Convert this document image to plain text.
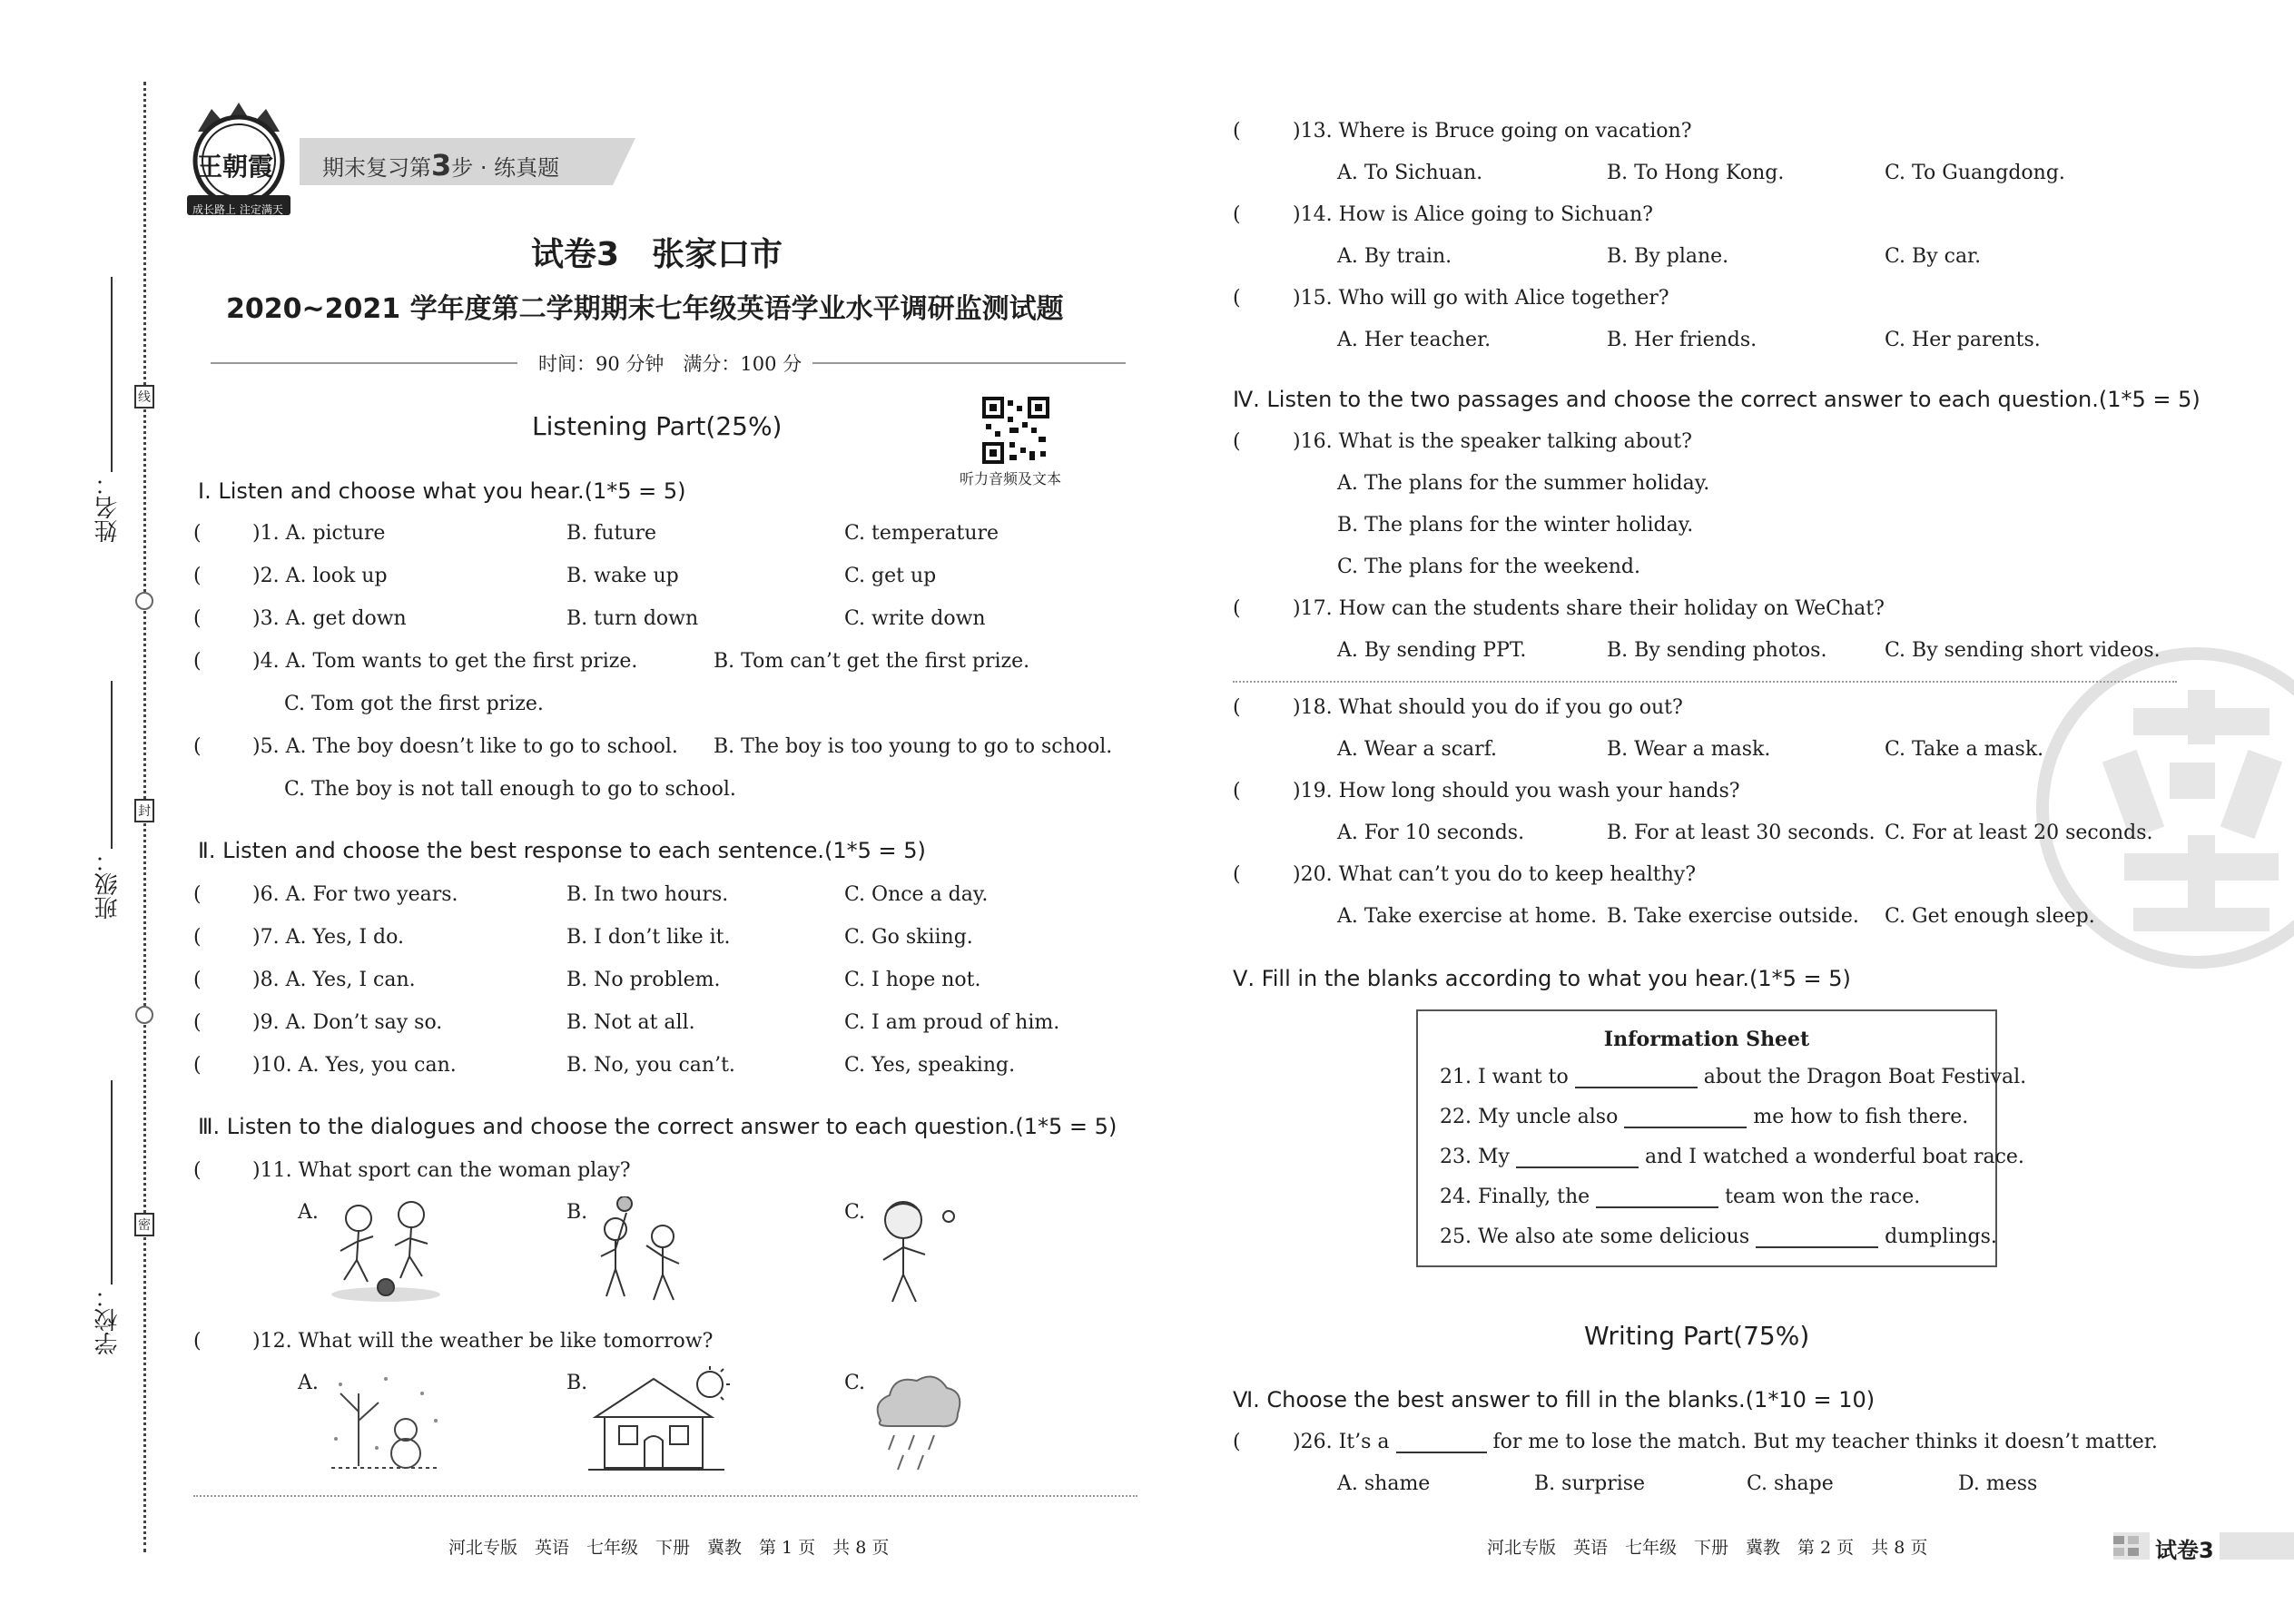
姓名：
班级：
学校：
线
封
密
王朝霞
成长路上 注定满天
期末复习第3步 · 练真题
试卷3　张家口市
2020~2021 学年度第二学期期末七年级英语学业水平调研监测试题
时间：90 分钟　满分：100 分
Listening Part(25%)
听力音频及文本
Ⅰ. Listen and choose what you hear.(1*5 = 5)
(	)1. A. picture	B. future	C. temperature
(	)2. A. look up	B. wake up	C. get up
(	)3. A. get down	B. turn down	C. write down
(	)4. A. Tom wants to get the first prize.	B. Tom can’t get the first prize.
C. Tom got the first prize.
(	)5. A. The boy doesn’t like to go to school. B. The boy is too young to go to school.
C. The boy is not tall enough to go to school.
Ⅱ. Listen and choose the best response to each sentence.(1*5 = 5)
(	)6. A. For two years.	B. In two hours.	C. Once a day.
(	)7. A. Yes, I do.	B. I don’t like it.	C. Go skiing.
(	)8. A. Yes, I can.	B. No problem.	C. I hope not.
(	)9. A. Don’t say so.	B. Not at all.	C. I am proud of him.
(	)10. A. Yes, you can.	B. No, you can’t.	C. Yes, speaking.
Ⅲ. Listen to the dialogues and choose the correct answer to each question.(1*5 = 5)
(	)11. What sport can the woman play?
A.	B.	C.
(	)12. What will the weather be like tomorrow?
A.	B.	C.
河北专版　英语　七年级　下册　冀教　第 1 页　共 8 页
(	)13. Where is Bruce going on vacation?
A. To Sichuan.	B. To Hong Kong.	C. To Guangdong.
(	)14. How is Alice going to Sichuan?
A. By train.	B. By plane.	C. By car.
(	)15. Who will go with Alice together?
A. Her teacher.	B. Her friends.	C. Her parents.
Ⅳ. Listen to the two passages and choose the correct answer to each question.(1*5 = 5)
(	)16. What is the speaker talking about?
A. The plans for the summer holiday.
B. The plans for the winter holiday.
C. The plans for the weekend.
(	)17. How can the students share their holiday on WeChat?
A. By sending PPT.	B. By sending photos.	C. By sending short videos.
(	)18. What should you do if you go out?
A. Wear a scarf.	B. Wear a mask.	C. Take a mask.
(	)19. How long should you wash your hands?
A. For 10 seconds.	B. For at least 30 seconds. C. For at least 20 seconds.
(	)20. What can’t you do to keep healthy?
A. Take exercise at home. B. Take exercise outside. C. Get enough sleep.
Ⅴ. Fill in the blanks according to what you hear.(1*5 = 5)
Information Sheet
21. I want to	about the Dragon Boat Festival.
22. My uncle also	me how to fish there.
23. My	and I watched a wonderful boat race.
24. Finally, the	team won the race.
25. We also ate some delicious	dumplings.
Writing Part(75%)
Ⅵ. Choose the best answer to fill in the blanks.(1*10 = 10)
(	)26. It’s a	for me to lose the match. But my teacher thinks it doesn’t matter.
A. shame	B. surprise	C. shape	D. mess
河北专版　英语　七年级　下册　冀教　第 2 页　共 8 页	试卷3
